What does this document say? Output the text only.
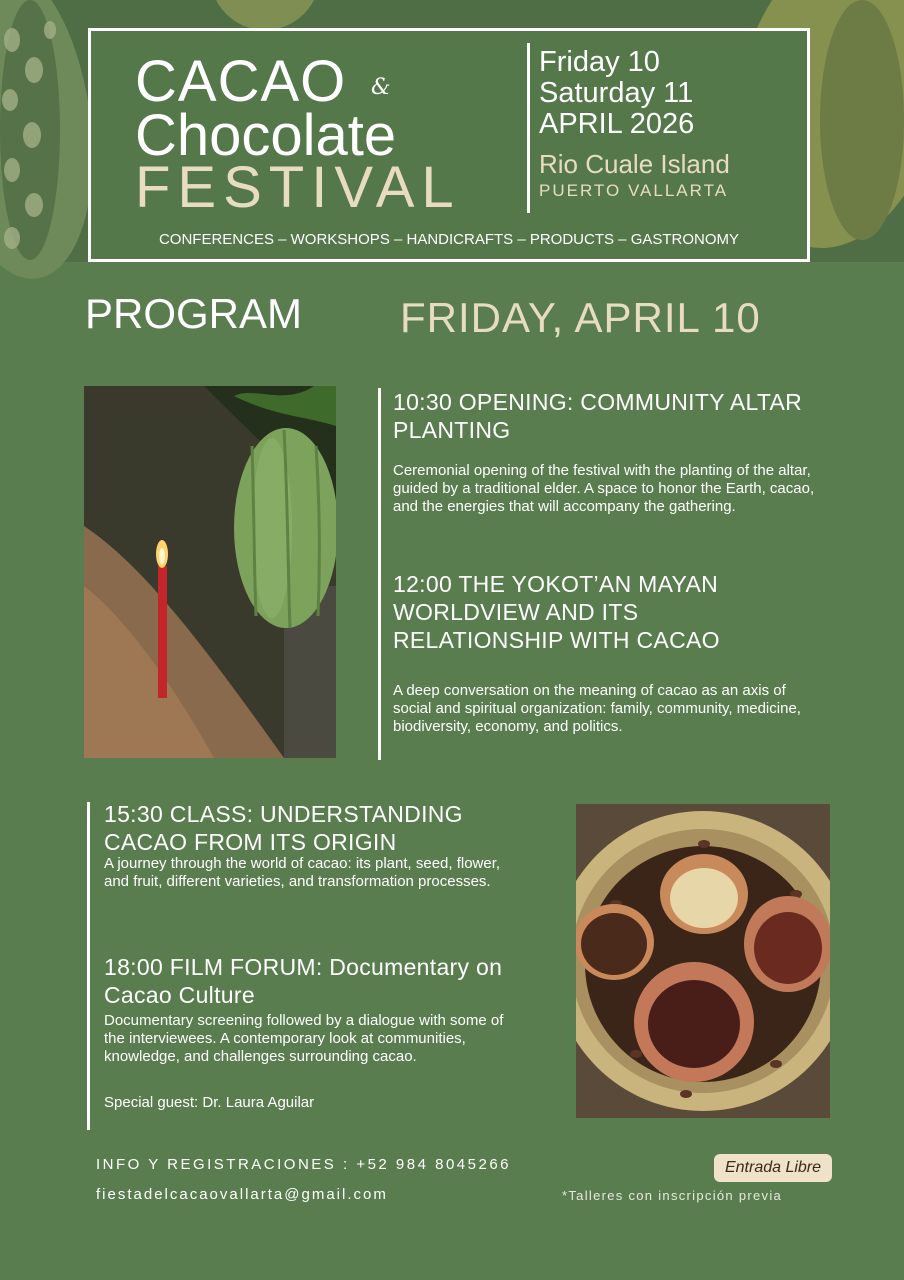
CACAO &
Chocolate
FESTIVAL
Friday 10
Saturday 11
APRIL 2026
Rio Cuale Island
PUERTO VALLARTA
CONFERENCES – WORKSHOPS – HANDICRAFTS – PRODUCTS – GASTRONOMY
PROGRAM FRIDAY, APRIL 10
10:30 OPENING: COMMUNITY ALTAR PLANTING
Ceremonial opening of the festival with the planting of the altar, guided by a traditional elder. A space to honor the Earth, cacao, and the energies that will accompany the gathering.
12:00 THE YOKOT’AN MAYAN WORLDVIEW AND ITS RELATIONSHIP WITH CACAO
A deep conversation on the meaning of cacao as an axis of social and spiritual organization: family, community, medicine, biodiversity, economy, and politics.
15:30 CLASS: UNDERSTANDING CACAO FROM ITS ORIGIN
A journey through the world of cacao: its plant, seed, flower, and fruit, different varieties, and transformation processes.
18:00 FILM FORUM: Documentary on Cacao Culture
Documentary screening followed by a dialogue with some of the interviewees. A contemporary look at communities, knowledge, and challenges surrounding cacao.
Special guest: Dr. Laura Aguilar
INFO Y REGISTRACIONES : +52 984 8045266
fiestadelcacaovallarta@gmail.com
Entrada Libre
*Talleres con inscripción previa
